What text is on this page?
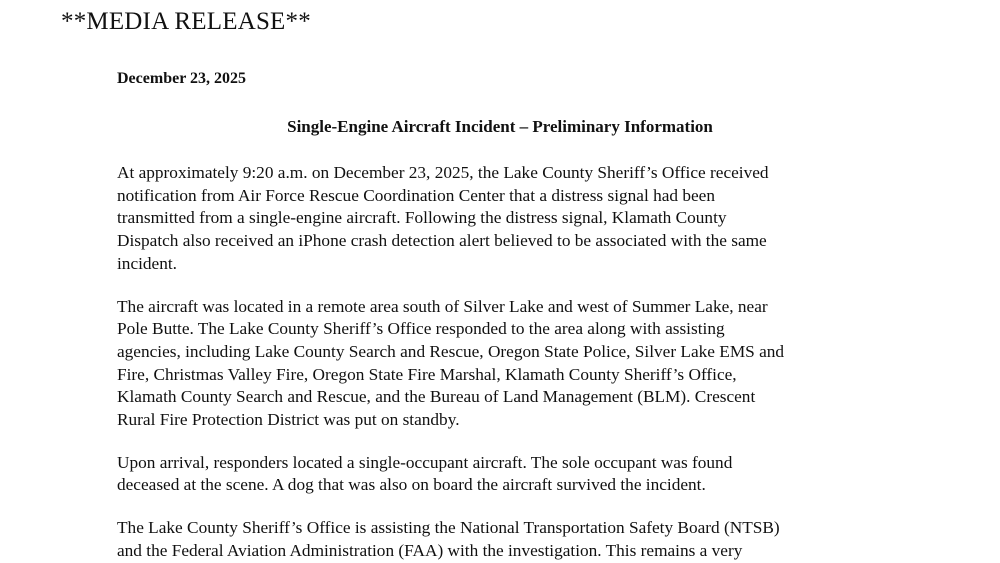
**MEDIA RELEASE**
December 23, 2025
Single-Engine Aircraft Incident – Preliminary Information
At approximately 9:20 a.m. on December 23, 2025, the Lake County Sheriff’s Office received
notification from Air Force Rescue Coordination Center that a distress signal had been
transmitted from a single-engine aircraft. Following the distress signal, Klamath County
Dispatch also received an iPhone crash detection alert believed to be associated with the same
incident.
The aircraft was located in a remote area south of Silver Lake and west of Summer Lake, near
Pole Butte. The Lake County Sheriff’s Office responded to the area along with assisting
agencies, including Lake County Search and Rescue, Oregon State Police, Silver Lake EMS and
Fire, Christmas Valley Fire, Oregon State Fire Marshal, Klamath County Sheriff’s Office,
Klamath County Search and Rescue, and the Bureau of Land Management (BLM). Crescent
Rural Fire Protection District was put on standby.
Upon arrival, responders located a single-occupant aircraft. The sole occupant was found
deceased at the scene. A dog that was also on board the aircraft survived the incident.
The Lake County Sheriff’s Office is assisting the National Transportation Safety Board (NTSB)
and the Federal Aviation Administration (FAA) with the investigation. This remains a very
